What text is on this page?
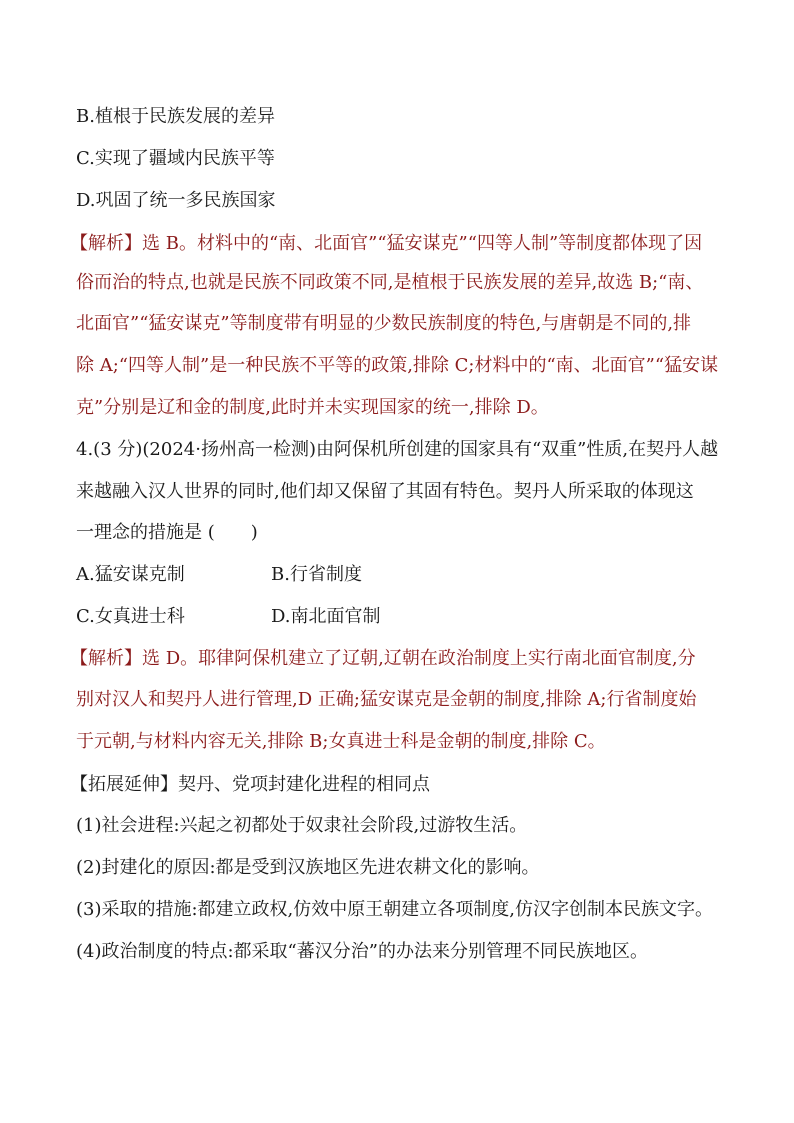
B.植根于民族发展的差异
C.实现了疆域内民族平等
D.巩固了统一多民族国家
【解析】选 B。材料中的“南、北面官”“猛安谋克”“四等人制”等制度都体现了因
俗而治的特点,也就是民族不同政策不同,是植根于民族发展的差异,故选 B;“南、
北面官”“猛安谋克”等制度带有明显的少数民族制度的特色,与唐朝是不同的,排
除 A;“四等人制”是一种民族不平等的政策,排除 C;材料中的“南、北面官”“猛安谋
克”分别是辽和金的制度,此时并未实现国家的统一,排除 D。
4.(3 分)(2024·扬州高一检测)由阿保机所创建的国家具有“双重”性质,在契丹人越
来越融入汉人世界的同时,他们却又保留了其固有特色。契丹人所采取的体现这
一理念的措施是 (　　)
A.猛安谋克制	B.行省制度
C.女真进士科	D.南北面官制
【解析】选 D。耶律阿保机建立了辽朝,辽朝在政治制度上实行南北面官制度,分
别对汉人和契丹人进行管理,D 正确;猛安谋克是金朝的制度,排除 A;行省制度始
于元朝,与材料内容无关,排除 B;女真进士科是金朝的制度,排除 C。
【拓展延伸】契丹、党项封建化进程的相同点
(1)社会进程:兴起之初都处于奴隶社会阶段,过游牧生活。
(2)封建化的原因:都是受到汉族地区先进农耕文化的影响。
(3)采取的措施:都建立政权,仿效中原王朝建立各项制度,仿汉字创制本民族文字。
(4)政治制度的特点:都采取“蕃汉分治”的办法来分别管理不同民族地区。
